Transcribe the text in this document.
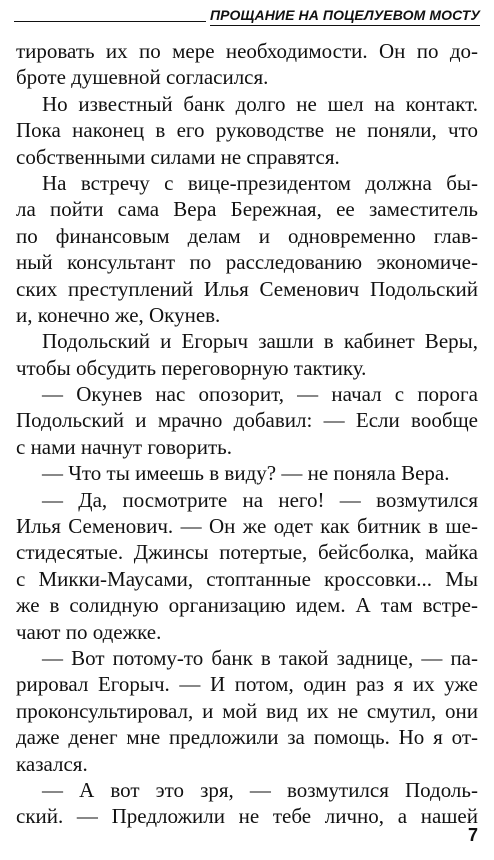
ПРОЩАНИЕ НА ПОЦЕЛУЕВОМ МОСТУ
тировать их по мере необходимости. Он по до-
броте душевной согласился.
Но известный банк долго не шел на контакт.
Пока наконец в его руководстве не поняли, что
собственными силами не справятся.
На встречу с вице-президентом должна бы-
ла пойти сама Вера Бережная, ее заместитель
по финансовым делам и одновременно глав-
ный консультант по расследованию экономиче-
ских преступлений Илья Семенович Подольский
и, конечно же, Окунев.
Подольский и Егорыч зашли в кабинет Веры,
чтобы обсудить переговорную тактику.
— Окунев нас опозорит, — начал с порога
Подольский и мрачно добавил: — Если вообще
с нами начнут говорить.
— Что ты имеешь в виду? — не поняла Вера.
— Да, посмотрите на него! — возмутился
Илья Семенович. — Он же одет как битник в ше-
стидесятые. Джинсы потертые, бейсболка, майка
с Микки-Маусами, стоптанные кроссовки... Мы
же в солидную организацию идем. А там встре-
чают по одежке.
— Вот потому-то банк в такой заднице, — па-
рировал Егорыч. — И потом, один раз я их уже
проконсультировал, и мой вид их не смутил, они
даже денег мне предложили за помощь. Но я от-
казался.
— А вот это зря, — возмутился Подоль-
ский. — Предложили не тебе лично, а нашей
7
